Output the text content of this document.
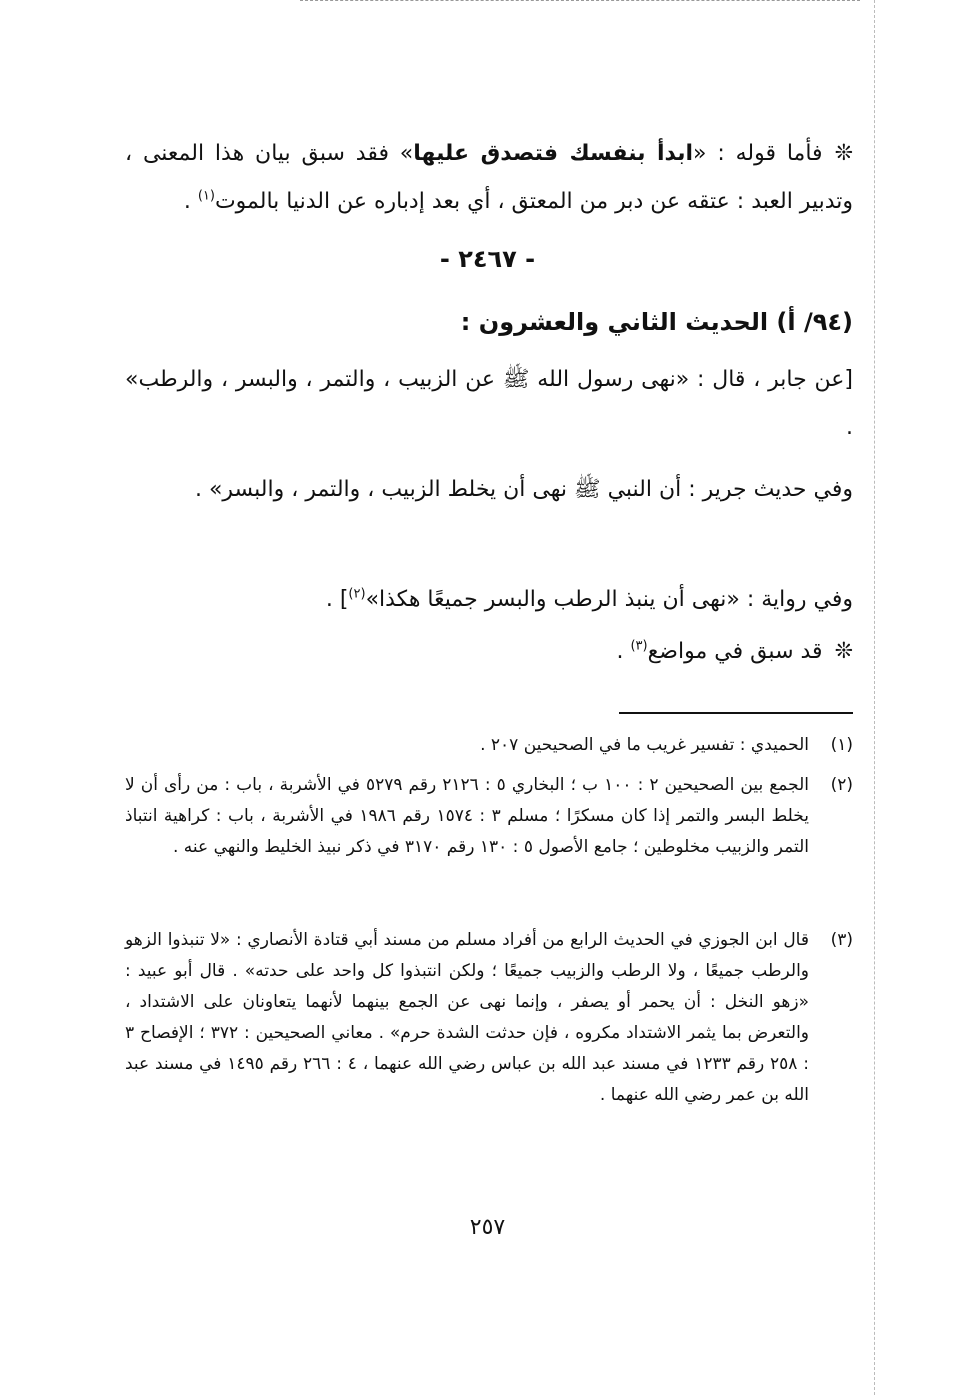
❊فأما قوله : «ابدأ بنفسك فتصدق عليها» فقد سبق بيان هذا المعنى ، وتدبير العبد : عتقه عن دبر من المعتق ، أي بعد إدباره عن الدنيا بالموت$^{(١)}$ .

- ٢٤٦٧ -
(٩٤/ أ) الحديث الثاني والعشرون :

[عن جابر ، قال : «نهى رسول الله ﷺ عن الزبيب ، والتمر ، والبسر ، والرطب» .

وفي حديث جرير : أن النبي ﷺ نهى أن يخلط الزبيب ، والتمر ، والبسر» .

وفي رواية : «نهى أن ينبذ الرطب والبسر جميعًا هكذا»$^{(٢)}$] .

❊قد سبق في مواضع$^{(٣)}$ .

(١)
الحميدي : تفسير غريب ما في الصحيحين ٢٠٧ .
(٢)
الجمع بين الصحيحين ٢ : ١٠٠ ب ؛ البخاري ٥ : ٢١٢٦ رقم ٥٢٧٩ في الأشربة ، باب : من رأى أن لا يخلط البسر والتمر إذا كان مسكرًا ؛ مسلم ٣ : ١٥٧٤ رقم ١٩٨٦ في الأشربة ، باب : كراهية انتباذ التمر والزبيب مخلوطين ؛ جامع الأصول ٥ : ١٣٠ رقم ٣١٧٠ في ذكر نبيذ الخليط والنهي عنه .
(٣)
قال ابن الجوزي في الحديث الرابع من أفراد مسلم من مسند أبي قتادة الأنصاري : «لا تنبذوا الزهو والرطب جميعًا ، ولا الرطب والزبيب جميعًا ؛ ولكن انتبذوا كل واحد على حدته» . قال أبو عبيد : «زهو النخل : أن يحمر أو يصفر ، وإنما نهى عن الجمع بينهما لأنهما يتعاونان على الاشتداد ، والتعرض بما يثمر الاشتداد مكروه ، فإن حدثت الشدة حرم» . معاني الصحيحين : ٣٧٢ ؛ الإفصاح ٣ : ٢٥٨ رقم ١٢٣٣ في مسند عبد الله بن عباس رضي الله عنهما ، ٤ : ٢٦٦ رقم ١٤٩٥ في مسند عبد الله بن عمر رضي الله عنهما .
٢٥٧
